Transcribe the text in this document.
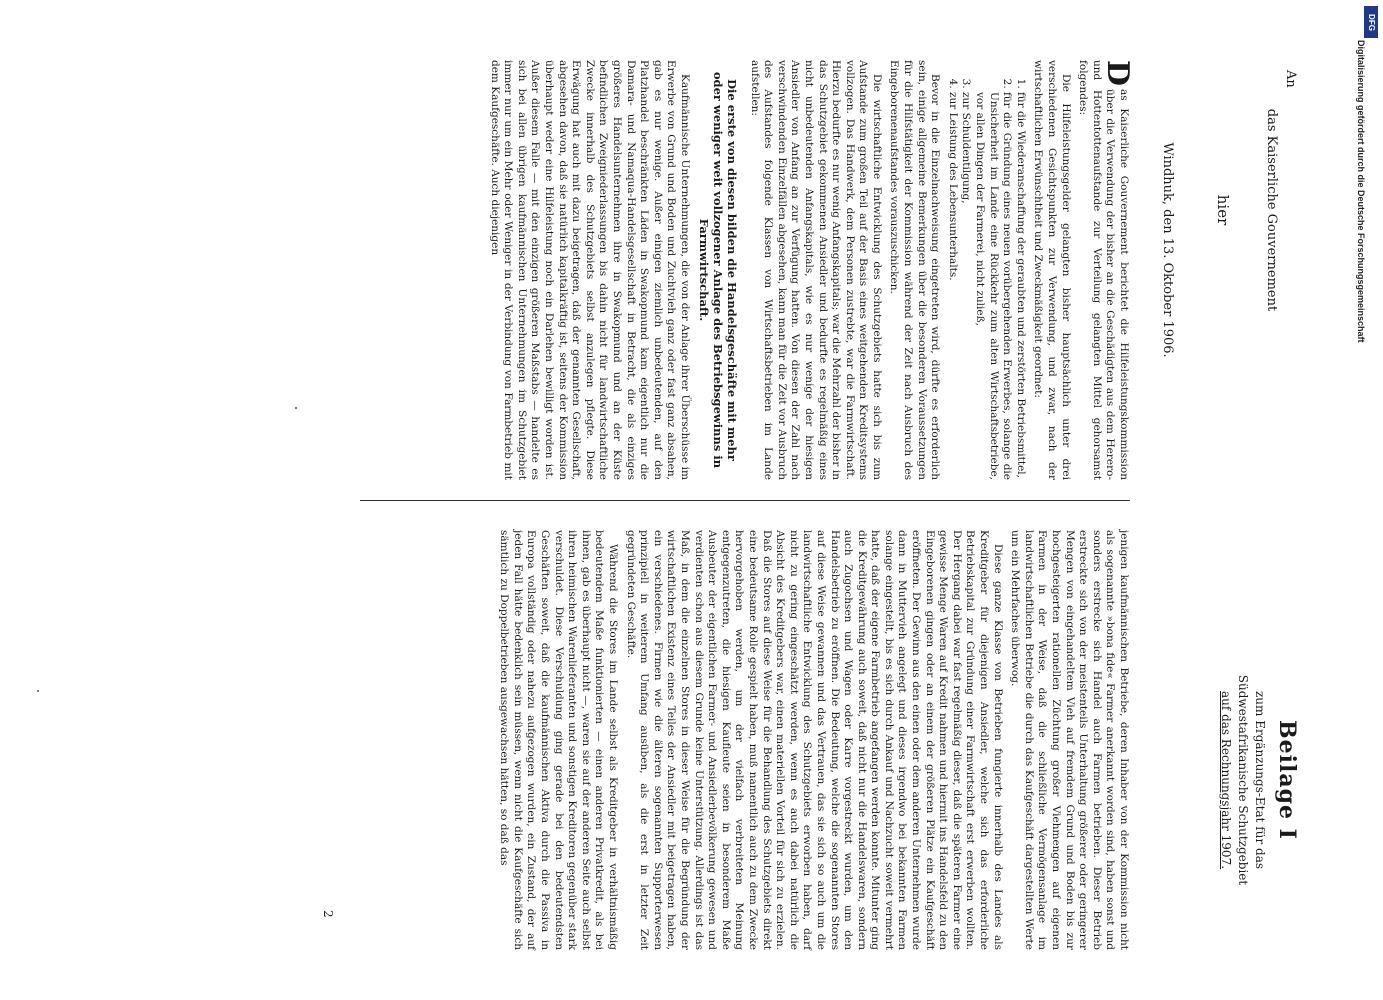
An
das Kaiserliche Gouvernement
hier
Beilage I
zum Ergänzungs-Etat für das
Südwestafrikanische Schutzgebiet
auf das Rechnungsjahr 1907.
Windhuk, den 13. Oktober 1906.

D
as Kaiserliche Gouvernement berichtet die Hilfeleistungskommission über die Verwendung der bisher an die Geschädigten aus dem Herero- und Hottentottenaufstande zur Verteilung gelangten Mittel gehorsamst folgendes:

Die Hilfeleistungsgelder gelangten bisher hauptsächlich unter drei verschiedenen Gesichtspunkten zur Verwendung, und zwar, nach der wirtschaftlichen Erwünschtheit und Zweckmäßigkeit geordnet:

1. für die Wiederanschaffung der geraubten und zerstörten Betriebsmittel,
2. für die Gründung eines neuen vorübergehenden Erwerbes, solange die Unsicherheit im Lande eine Rückkehr zum alten Wirtschaftsbetriebe, vor allen Dingen der Farmerei, nicht zuließ,
3. zur Schuldentilgung,
4. zur Leistung des Lebensunterhalts.

Bevor in die Einzelnachweisung eingetreten wird, dürfte es erforderlich sein, einige allgemeine Bemerkungen über die besonderen Voraussetzungen für die Hilfstätigkeit der Kommission während der Zeit nach Ausbruch des Eingeborenenaufstandes vorauszuschicken.

Die wirtschaftliche Entwicklung des Schutzgebiets hatte sich bis zum Aufstande zum großen Teil auf der Basis eines weitgehenden Kreditsystems vollzogen. Das Handwerk, dem Personen zustrebte, war die Farmwirtschaft. Hierzu bedurfte es nur wenig Anfangskapitals; war die Mehrzahl der bisher in das Schutzgebiet gekommenen Ansiedler und bedurfte es regelmäßig eines nicht unbedeutenden Anfangskapitals, wie es nur wenige der hiesigen Ansiedler von Anfang an zur Verfügung hatten. Von diesen der Zahl nach verschwindenden Einzelfällen abgesehen, kann man für die Zeit vor Ausbruch des Aufstandes folgende Klassen von Wirtschaftsbetrieben im Lande aufstellen:

Die erste von diesen bilden die Handelsgeschäfte mit mehr oder weniger weit vollzogener Anlage des Betriebsgewinns in Farmwirtschaft.

Kaufmännische Unternehmungen, die von der Anlage ihrer Überschüsse im Erwerbe von Grund und Boden und Zuchtvieh ganz oder fast ganz absahen, gab es nur wenige. Außer einigen ziemlich unbedeutenden, auf den Platzhandel beschränkten Läden in Swakopmund kam eigentlich nur die Damara- und Namaqua-Handelsgesellschaft in Betracht, die als einziges größeres Handelsunternehmen ihre in Swakopmund und an der Küste befindlichen Zweigniederlassungen bis dahin nicht für landwirtschaftliche Zwecke innerhalb des Schutzgebiets selbst anzulegen pflegte. Diese Erwägung hat auch mit dazu beigetragen, daß der genannten Gesellschaft, abgesehen davon, daß sie natürlich kapitalkräftig ist, seitens der Kommission überhaupt weder eine Hilfeleistung noch ein Darlehen bewilligt worden ist. Außer diesem Falle — mit den einzigen größeren Maßstabs — handelte es sich bei allen übrigen kaufmännischen Unternehmungen im Schutzgebiet immer nur um ein Mehr oder Weniger in der Verbindung von Farmbetrieb mit dem Kaufgeschäfte. Auch diejenigen

jenigen kaufmännischen Betriebe, deren Inhaber von der Kommission nicht als sogenannte »bona fide« Farmer anerkannt worden sind, haben sonst und sonders erstrecke sich Handel auch Farmen betrieben. Dieser Betrieb erstreckte sich von der meistenteils Unterhaltung größerer oder geringerer Mengen von eingehandeltem Vieh auf fremdem Grund und Boden bis zur hochgesteigerten rationellen Züchtung großer Viehmengen auf eigenen Farmen in der Weise, daß die schließliche Vermögensanlage im landwirtschaftlichen Betriebe die durch das Kaufgeschäft dargestellten Werte um ein Mehrfaches überwog.

Diese ganze Klasse von Betrieben fungierte innerhalb des Landes als Kreditgeber für diejenigen Ansiedler, welche sich das erforderliche Betriebskapital zur Gründung einer Farmwirtschaft erst erwerben wollten. Der Hergang dabei war fast regelmäßig dieser, daß die späteren Farmer eine gewisse Menge Waren auf Kredit nahmen und hiermit ins Handelsfeld zu den Eingeborenen gingen oder an einem der größeren Plätze ein Kaufgeschäft eröffneten. Der Gewinn aus den einen oder dem anderen Unternehmen wurde dann in Muttervieh angelegt und dieses irgendwo bei bekannten Farmen solange eingestellt, bis es sich durch Ankauf und Nachzucht soweit vermehrt hatte, daß der eigene Farmbetrieb angefangen werden konnte. Mitunter ging die Kreditgewährung auch soweit, daß nicht nur die Handelswaren, sondern auch Zugochsen und Wagen oder Karre vorgestreckt wurden, um den Handelsbetrieb zu eröffnen. Die Bedeutung, welche die sogenannten Stores auf diese Weise gewannen und das Vertrauen, das sie sich so auch um die landwirtschaftliche Entwicklung des Schutzgebiets erworben haben, darf nicht zu gering eingeschätzt werden, wenn es auch dabei natürlich die Absicht des Kreditgebers war, einen materiellen Vorteil für sich zu erzielen. Daß die Stores auf diese Weise für die Behandlung des Schutzgebiets direkt eine bedeutsame Rolle gespielt haben, muß namentlich auch zu dem Zwecke hervorgehoben werden, um der vielfach verbreiteten Meinung entgegenzutreten, die hiesigen Kaufleute seien in besonderem Maße Ausbeuter der eigentlichen Farmer- und Ansiedlerbevölkerung gewesen und verdienten schon aus diesem Grunde keine Unterstützung. Allerdings ist das Maß, in dem die einzelnen Stores in dieser Weise für die Begründung der wirtschaftlichen Existenz eines Teiles der Ansiedler mit beigetragen haben, ein verschiedenes. Firmen wie die älteren sogenannten Supporterwesen prinzipiell in weiterem Umfang ausüben, als die erst in letzter Zeit gegründeten Geschäfte.

Während die Stores im Lande selbst als Kreditgeber in verhältnismäßig bedeutendem Maße funktionierten — einen anderen Privatkredit, als bei ihnen, gab es überhaupt nicht —, waren sie auf der anderen Seite auch selbst ihren heimischen Warenlieferanten und sonstigen Kreditoren gegenüber stark verschuldet. Diese Verschuldung ging gerade bei den bedeutendsten Geschäften soweit, daß die kaufmännischen Aktiva durch die Passiva in Europa vollständig oder nahezu aufgezogen wurden, ein Zustand, der auf jeden Fall hätte bedenklich sein müssen, wenn nicht die Kaufgeschäfte sich sämtlich zu Doppelbetrieben ausgewachsen hätten, so daß das

2
DFG
Digitalisierung gefördert durch die Deutsche Forschungsgemeinschaft
